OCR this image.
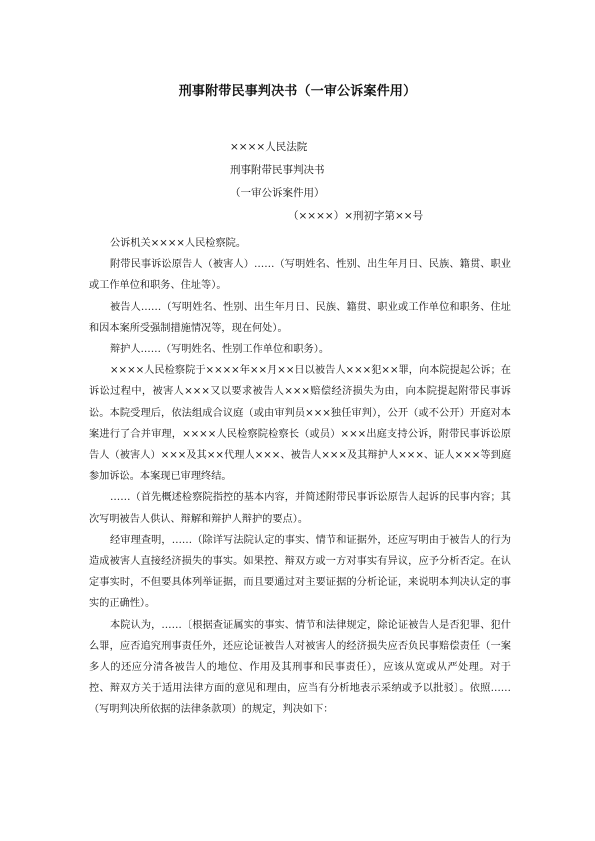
刑事附带民事判决书（一审公诉案件用）
××××人民法院
刑事附带民事判决书
（一审公诉案件用）
（××××）×刑初字第××号

公诉机关××××人民检察院。

附带民事诉讼原告人（被害人）……（写明姓名、性别、出生年月日、民族、籍贯、职业或工作单位和职务、住址等）。

被告人……（写明姓名、性别、出生年月日、民族、籍贯、职业或工作单位和职务、住址和因本案所受强制措施情况等，现在何处）。

辩护人……（写明姓名、性别工作单位和职务）。

××××人民检察院于××××年××月××日以被告人×××犯××罪，向本院提起公诉；在诉讼过程中，被害人×××又以要求被告人×××赔偿经济损失为由，向本院提起附带民事诉讼。本院受理后，依法组成合议庭（或由审判员×××独任审判），公开（或不公开）开庭对本案进行了合并审理，××××人民检察院检察长（或员）×××出庭支持公诉，附带民事诉讼原告人（被害人）×××及其××代理人×××、被告人×××及其辩护人×××、证人×××等到庭参加诉讼。本案现已审理终结。

……（首先概述检察院指控的基本内容，并简述附带民事诉讼原告人起诉的民事内容；其次写明被告人供认、辩解和辩护人辩护的要点）。

经审理查明，……（除详写法院认定的事实、情节和证据外，还应写明由于被告人的行为造成被害人直接经济损失的事实。如果控、辩双方或一方对事实有异议，应予分析否定。在认定事实时，不但要具体列举证据，而且要通过对主要证据的分析论证，来说明本判决认定的事实的正确性）。

本院认为，……〔根据查证属实的事实、情节和法律规定，除论证被告人是否犯罪、犯什么罪，应否追究刑事责任外，还应论证被告人对被害人的经济损失应否负民事赔偿责任（一案多人的还应分清各被告人的地位、作用及其刑事和民事责任），应该从宽或从严处理。对于控、辩双方关于适用法律方面的意见和理由，应当有分析地表示采纳或予以批驳〕。依照……（写明判决所依据的法律条款项）的规定，判决如下：
